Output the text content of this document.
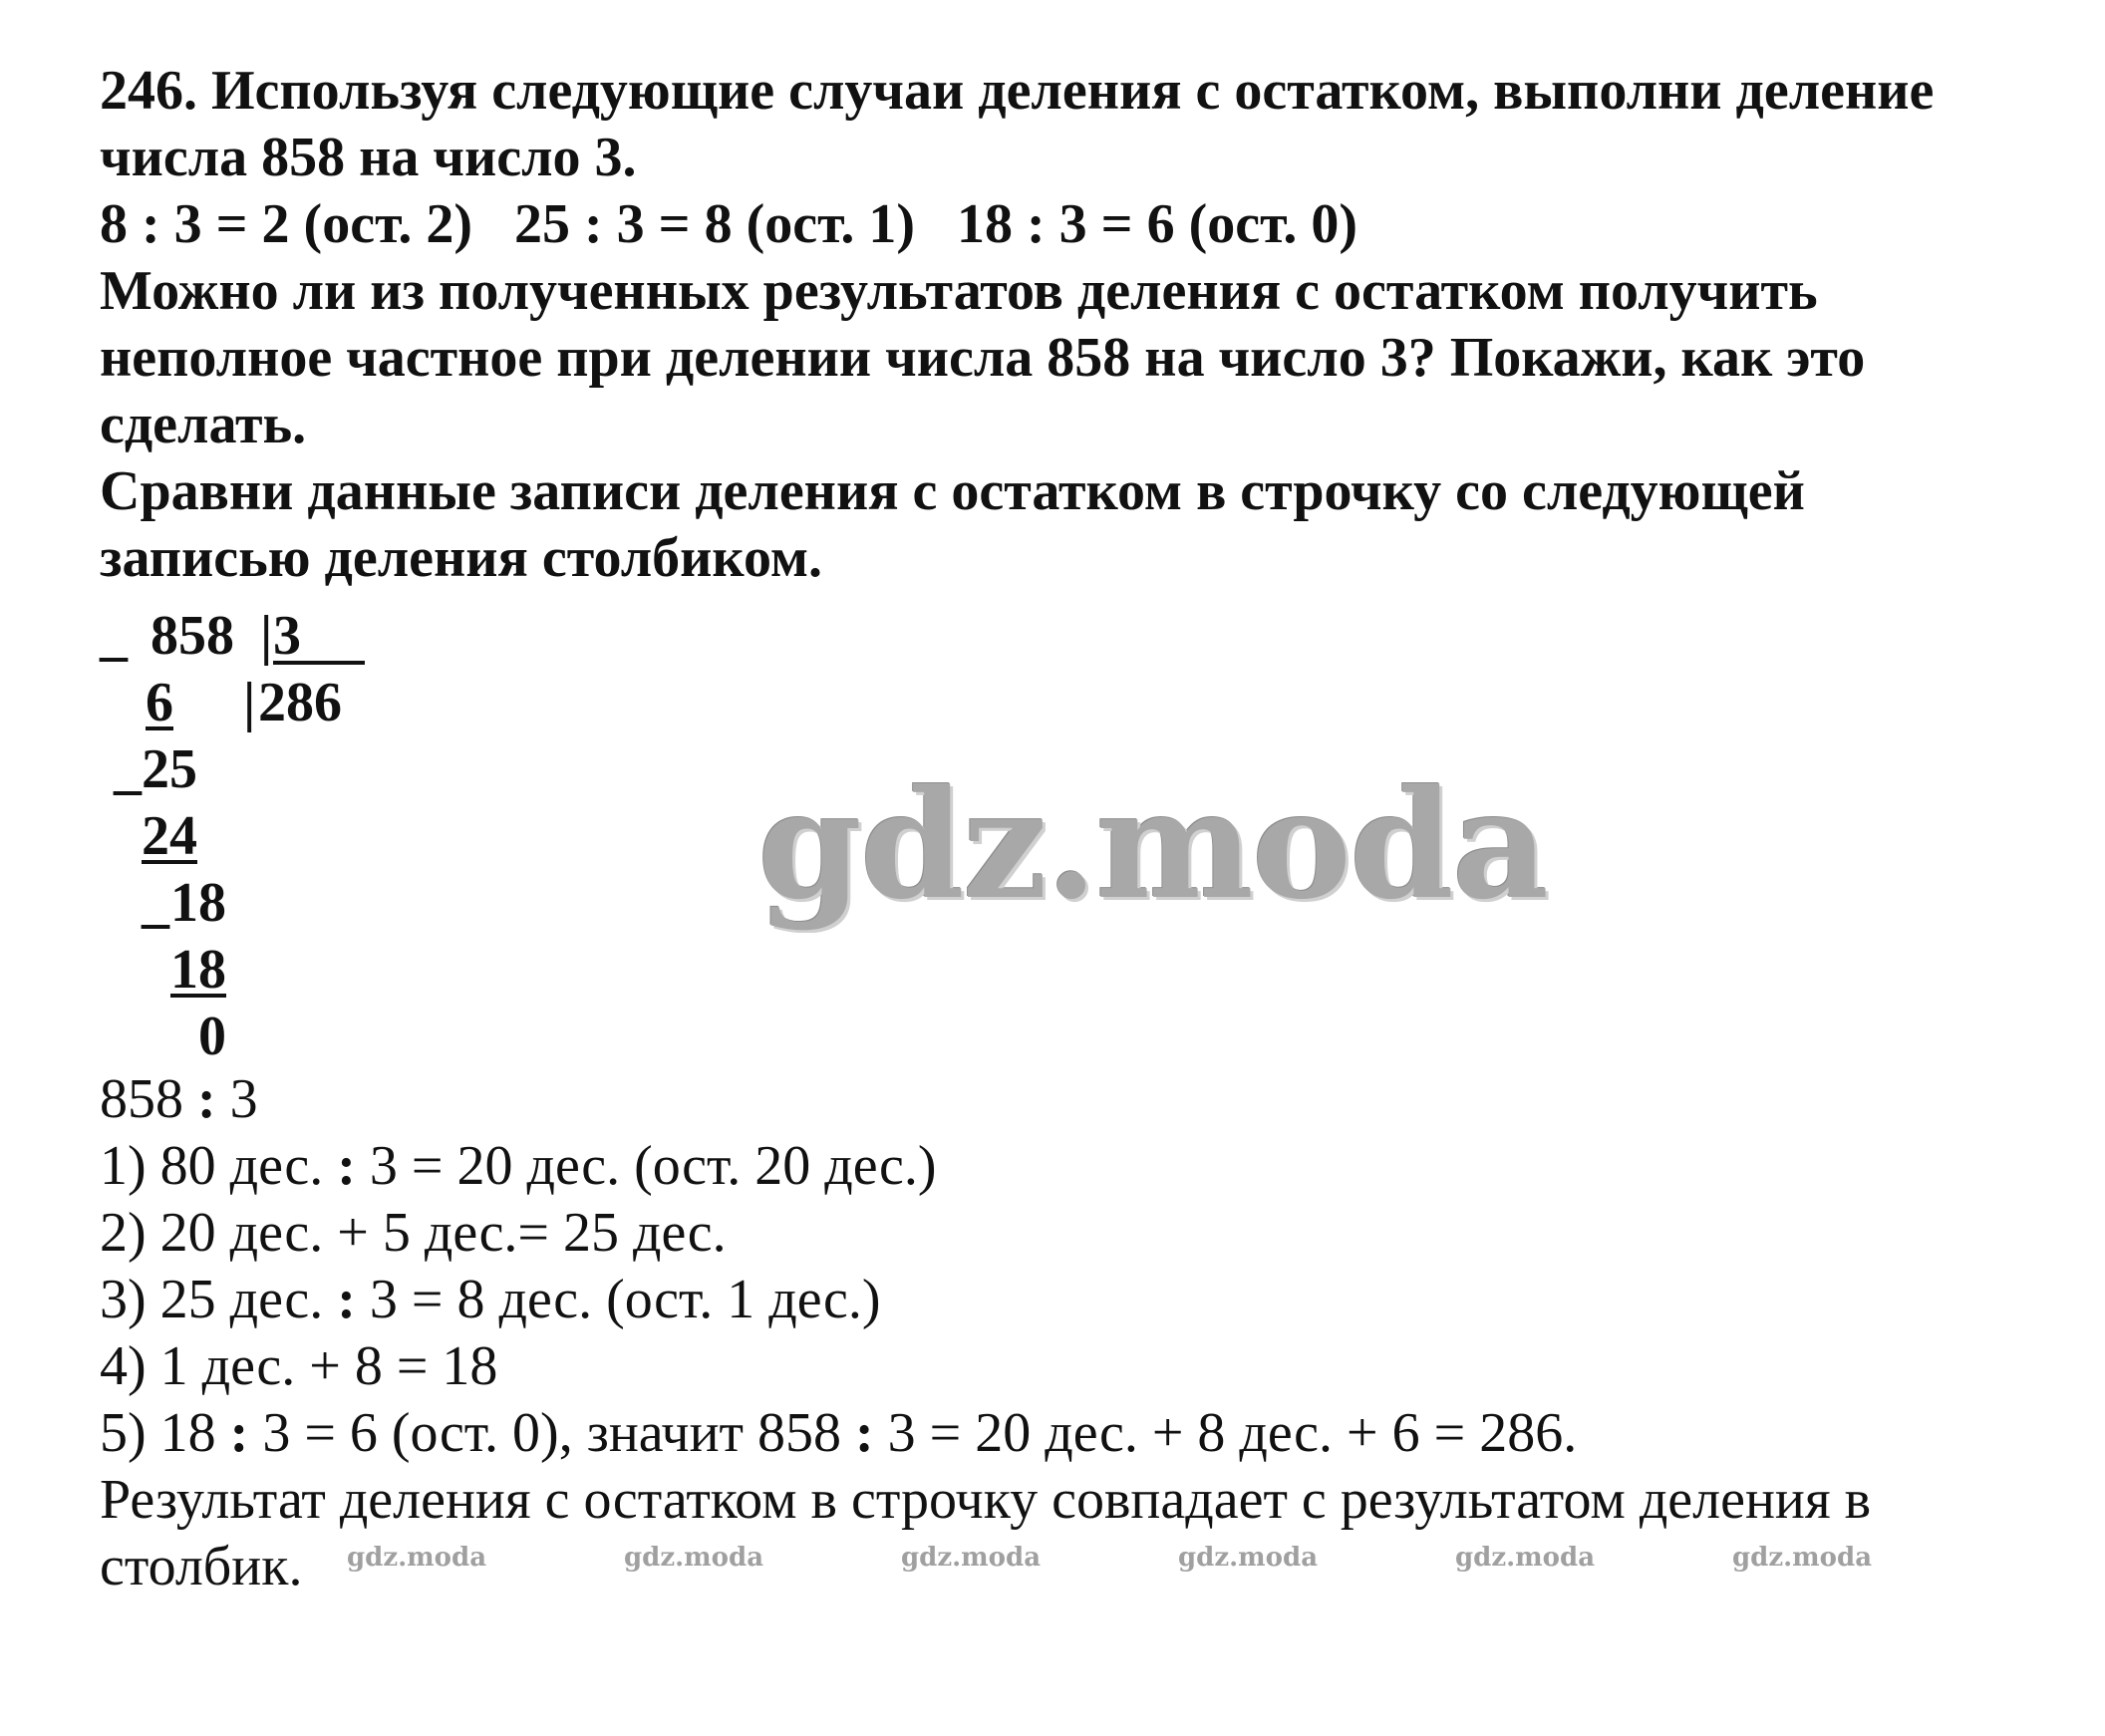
246. Используя следующие случаи деления с остатком, выполни деление

числа 858 на число 3.

8 : 3 = 2 (ост. 2)   25 : 3 = 8 (ост. 1)   18 : 3 = 6 (ост. 0)

Можно ли из полученных результатов деления с остатком получить

неполное частное при делении числа 858 на число 3? Покажи, как это

сделать.

Сравни данные записи деления с остатком в строчку со следующей

записью деления столбиком.

_ 858 | 3
| 286
6
_ 25
24
_ 18
18
0
gdz.moda

858 : 3

1) 80 дес. : 3 = 20 дес. (ост. 20 дес.)

2) 20 дес. + 5 дес.= 25 дес.

3) 25 дес. : 3 = 8 дес. (ост. 1 дес.)

4) 1 дес. + 8 = 18

5) 18 : 3 = 6 (ост. 0), значит 858 : 3 = 20 дес. + 8 дес. + 6 = 286.

Результат деления с остатком в строчку совпадает с результатом деления в

столбик.	gdz.moda	gdz.moda	gdz.moda	gdz.moda	gdz.moda	gdz.moda
